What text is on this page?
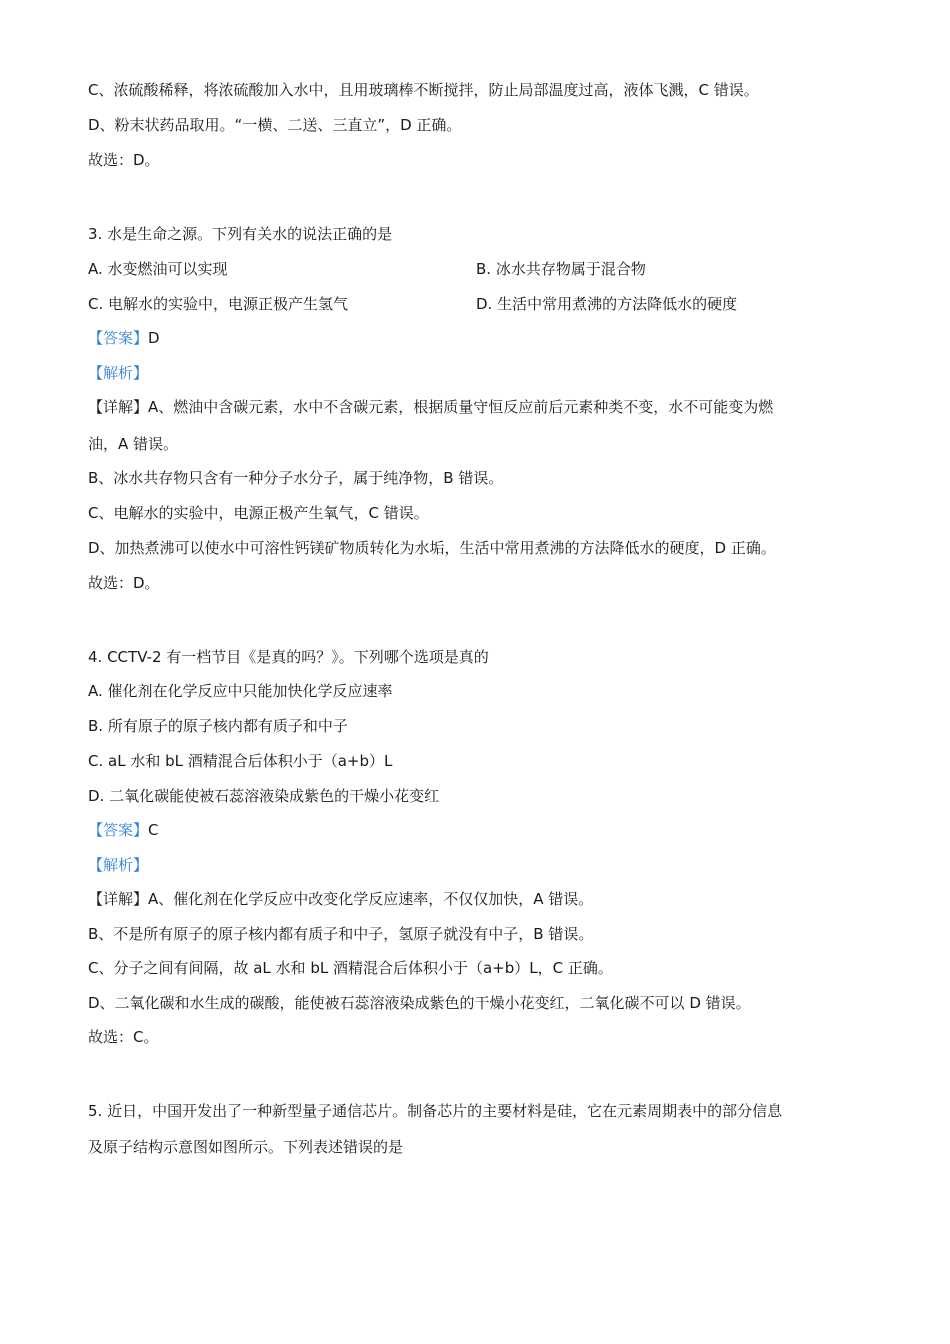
C、浓硫酸稀释，将浓硫酸加入水中，且用玻璃棒不断搅拌，防止局部温度过高，液体飞溅，C 错误。
D、粉末状药品取用。“一横、二送、三直立”，D 正确。
故选：D。
3. 水是生命之源。下列有关水的说法正确的是
A. 水变燃油可以实现	B. 冰水共存物属于混合物
C. 电解水的实验中，电源正极产生氢气	D. 生活中常用煮沸的方法降低水的硬度
【答案】D
【解析】
【详解】A、燃油中含碳元素，水中不含碳元素，根据质量守恒反应前后元素种类不变，水不可能变为燃
油，A 错误。
B、冰水共存物只含有一种分子水分子，属于纯净物，B 错误。
C、电解水的实验中，电源正极产生氧气，C 错误。
D、加热煮沸可以使水中可溶性钙镁矿物质转化为水垢，生活中常用煮沸的方法降低水的硬度，D 正确。
故选：D。
4. CCTV-2 有一档节目《是真的吗？》。下列哪个选项是真的
A. 催化剂在化学反应中只能加快化学反应速率
B. 所有原子的原子核内都有质子和中子
C. aL 水和 bL 酒精混合后体积小于（a+b）L
D. 二氧化碳能使被石蕊溶液染成紫色的干燥小花变红
【答案】C
【解析】
【详解】A、催化剂在化学反应中改变化学反应速率，不仅仅加快，A 错误。
B、不是所有原子的原子核内都有质子和中子，氢原子就没有中子，B 错误。
C、分子之间有间隔，故 aL 水和 bL 酒精混合后体积小于（a+b）L，C 正确。
D、二氧化碳和水生成的碳酸，能使被石蕊溶液染成紫色的干燥小花变红，二氧化碳不可以 D 错误。
故选：C。
5. 近日，中国开发出了一种新型量子通信芯片。制备芯片的主要材料是硅，它在元素周期表中的部分信息
及原子结构示意图如图所示。下列表述错误的是
